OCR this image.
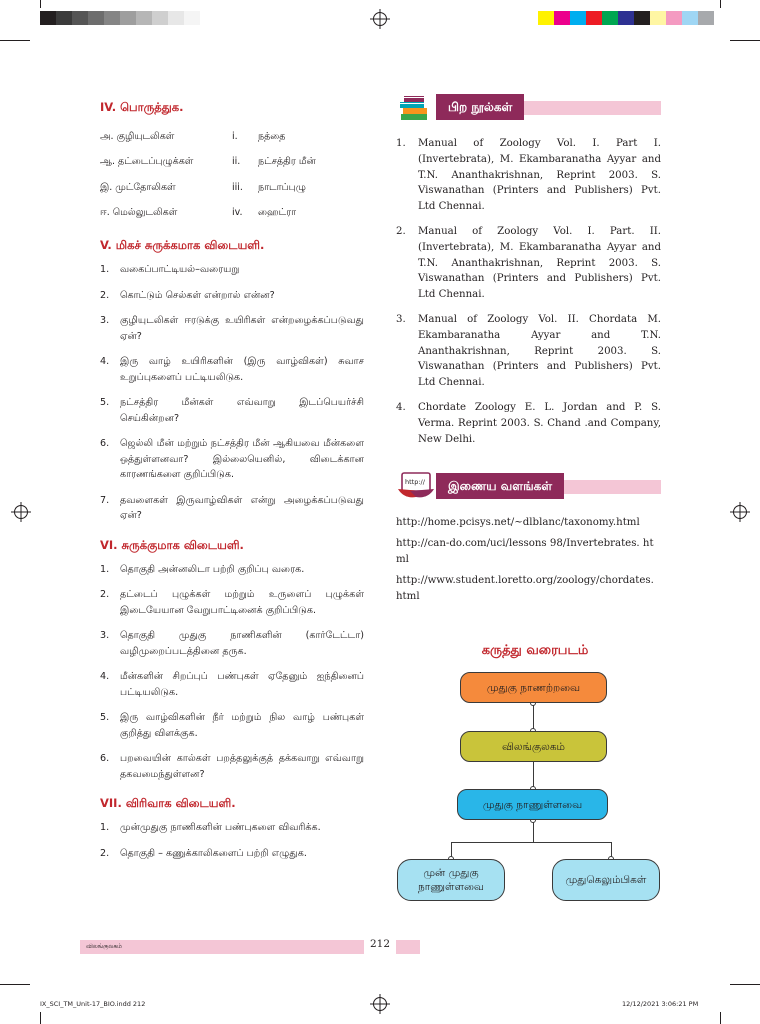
IV. பொருத்துக.
அ. குழியுடலிகள்	i.	நத்தை
ஆ. தட்டைப்புழுக்கள்	ii.	நட்சத்திர மீன்
இ. முட்தோலிகள்	iii.	நாடாப்புழு
ஈ. மெல்லுடலிகள்	iv.	ஹைட்ரா
V. மிகச் சுருக்கமாக விடையளி.
1.	வகைப்பாட்டியல்–வரையறு
2.	கொட்டும் செல்கள் என்றால் என்ன?
3.	குழியுடலிகள் ஈரடுக்கு உயிரிகள் என்றழைக்கப்படுவது ஏன்?
4.	இரு வாழ் உயிரிகளின் (இரு வாழ்விகள்) சுவாச உறுப்புகளைப் பட்டியலிடுக.
5.	நட்சத்திர மீன்கள் எவ்வாறு இடப்பெயர்ச்சி செய்கின்றன?
6.	ஜெல்லி மீன் மற்றும் நட்சத்திர மீன் ஆகியவை மீன்களை ஒத்துள்ளனவா? இல்லையெனில், விடைக்கான காரணங்களை குறிப்பிடுக.
7.	தவளைகள் இருவாழ்விகள் என்று அழைக்கப்படுவது ஏன்?
VI. சுருக்குமாக விடையளி.
1.	தொகுதி அன்னலிடா பற்றி குறிப்பு வரைக.
2.	தட்டைப் புழுக்கள் மற்றும் உருளைப் புழுக்கள் இடையேயான வேறுபாட்டினைக் குறிப்பிடுக.
3.	தொகுதி முதுகு நாணிகளின் (கார்டேட்டா) வழிமுறைப்படத்தினை தருக.
4.	மீன்களின் சிறப்புப் பண்புகள் ஏதேனும் ஐந்தினைப் பட்டியலிடுக.
5.	இரு வாழ்விகளின் நீர் மற்றும் நில வாழ் பண்புகள் குறித்து விளக்குக.
6.	பறவையின் கால்கள் பறத்தலுக்குத் தக்கவாறு எவ்வாறு தகவமைந்துள்ளன?
VII. விரிவாக விடையளி.
1.	முன்முதுகு நாணிகளின் பண்புகளை விவரிக்க.
2.	தொகுதி – கணுக்காலிகளைப் பற்றி எழுதுக.
பிற நூல்கள்
1.	Manual of Zoology Vol. I. Part I. (Invertebrata), M. Ekambaranatha Ayyar and T.N. Ananthakrishnan, Reprint 2003. S. Viswanathan (Printers and Publishers) Pvt. Ltd Chennai.
2.	Manual of Zoology Vol. I. Part. II. (Invertebrata), M. Ekambaranatha Ayyar and T.N. Ananthakrishnan, Reprint 2003. S. Viswanathan (Printers and Publishers) Pvt. Ltd Chennai.
3.	Manual of Zoology Vol. II. Chordata M. Ekambaranatha Ayyar and T.N. Ananthakrishnan, Reprint 2003. S. Viswanathan (Printers and Publishers) Pvt. Ltd Chennai.
4.	Chordate Zoology E. L. Jordan and P. S. Verma. Reprint 2003. S. Chand .and Company, New Delhi.
http://	இணைய வளங்கள்
http://home.pcisys.net/~dlblanc/taxonomy.html
http://can-do.com/uci/lessons 98/Invertebrates. html
http://www.student.loretto.org/zoology/chordates. html
கருத்து வரைபடம்
முதுகு நாணற்றவை
விலங்குலகம்
முதுகு நாணுள்ளவை
முன் முதுகு நாணுள்ளவை
முதுகெலும்பிகள்
விலங்குலகம்	212
IX_SCI_TM_Unit-17_BIO.indd 212	12/12/2021 3:06:21 PM
